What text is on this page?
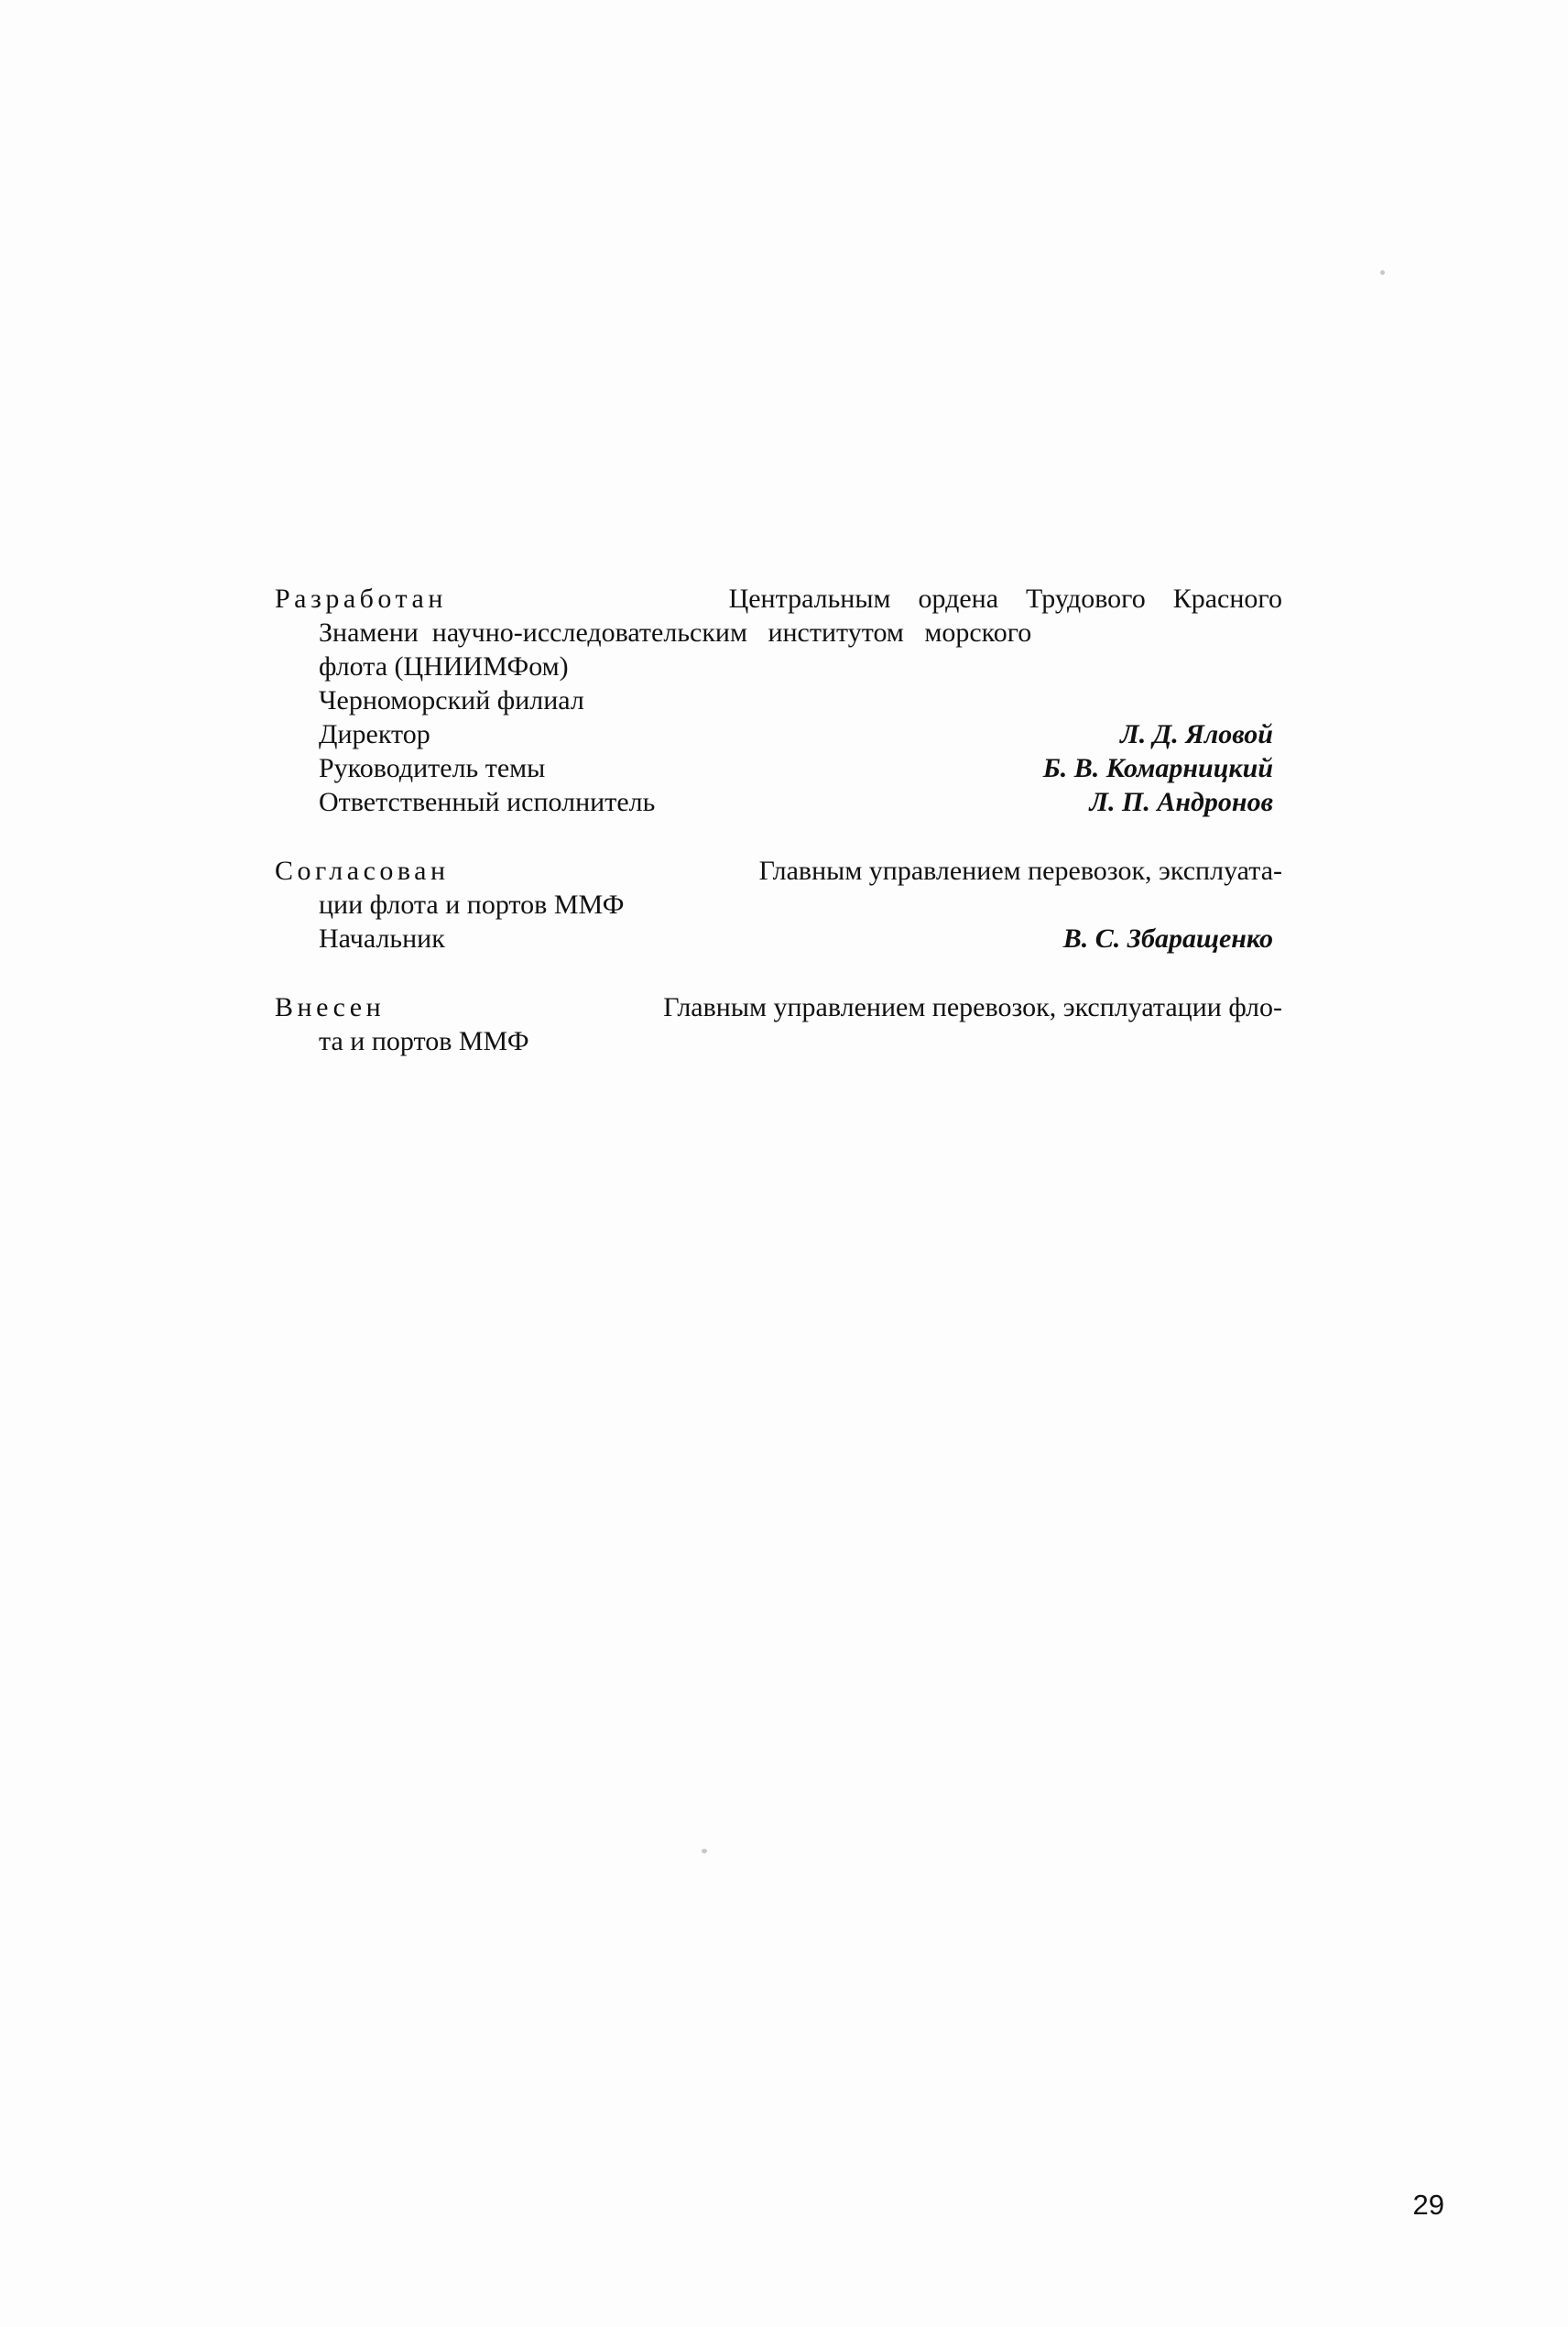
Разработан	Центральным    ордена    Трудового    Красного
Знамени  научно-исследовательским   институтом   морского
флота (ЦНИИМФом)
Черноморский филиал
Директор	Л. Д. Яловой
Руководитель темы	Б. В. Комарницкий
Ответственный исполнитель	Л. П. Андронов
Согласован	Главным управлением перевозок, эксплуата-
ции флота и портов ММФ
Начальник	В. С. Збаращенко
Внесен	Главным управлением перевозок, эксплуатации фло-
та и портов ММФ
29
